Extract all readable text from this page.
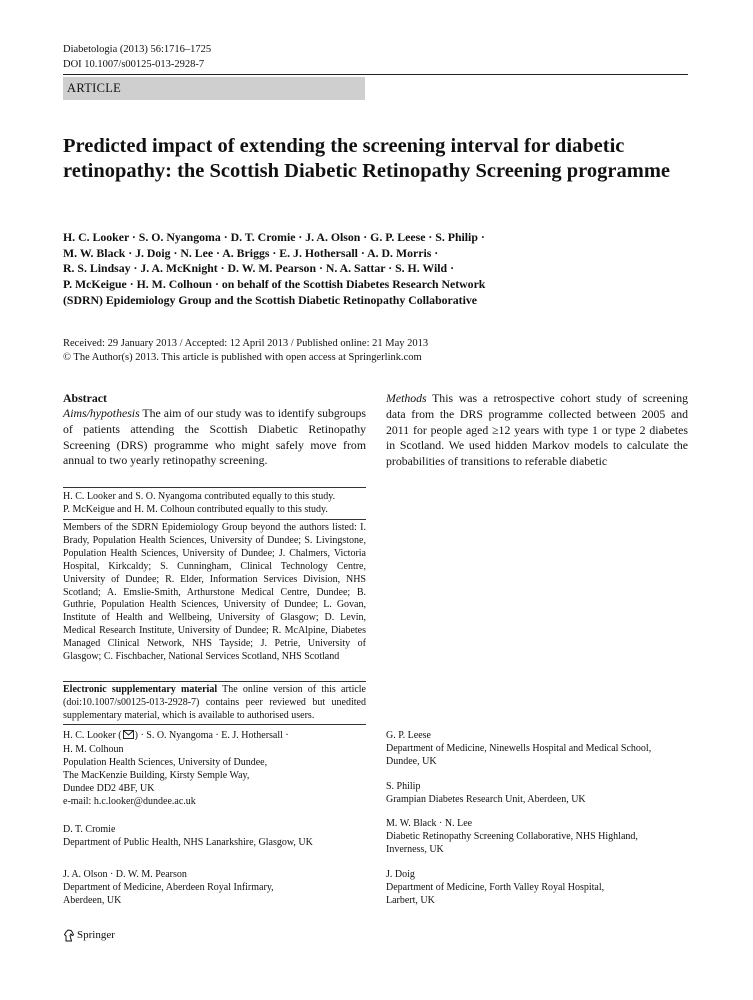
Diabetologia (2013) 56:1716–1725
DOI 10.1007/s00125-013-2928-7
ARTICLE
Predicted impact of extending the screening interval for diabetic retinopathy: the Scottish Diabetic Retinopathy Screening programme
H. C. Looker · S. O. Nyangoma · D. T. Cromie · J. A. Olson · G. P. Leese · S. Philip ·
M. W. Black · J. Doig · N. Lee · A. Briggs · E. J. Hothersall · A. D. Morris ·
R. S. Lindsay · J. A. McKnight · D. W. M. Pearson · N. A. Sattar · S. H. Wild ·
P. McKeigue · H. M. Colhoun · on behalf of the Scottish Diabetes Research Network
(SDRN) Epidemiology Group and the Scottish Diabetic Retinopathy Collaborative
Received: 29 January 2013 / Accepted: 12 April 2013 / Published online: 21 May 2013
© The Author(s) 2013. This article is published with open access at Springerlink.com
Abstract
Aims/hypothesis The aim of our study was to identify subgroups of patients attending the Scottish Diabetic Retinopathy Screening (DRS) programme who might safely move from annual to two yearly retinopathy screening.
Methods This was a retrospective cohort study of screening data from the DRS programme collected between 2005 and 2011 for people aged ≥12 years with type 1 or type 2 diabetes in Scotland. We used hidden Markov models to calculate the probabilities of transitions to referable diabetic
H. C. Looker and S. O. Nyangoma contributed equally to this study.
P. McKeigue and H. M. Colhoun contributed equally to this study.
Members of the SDRN Epidemiology Group beyond the authors listed: I. Brady, Population Health Sciences, University of Dundee; S. Livingstone, Population Health Sciences, University of Dundee; J. Chalmers, Victoria Hospital, Kirkcaldy; S. Cunningham, Clinical Technology Centre, University of Dundee; R. Elder, Information Services Division, NHS Scotland; A. Emslie-Smith, Arthurstone Medical Centre, Dundee; B. Guthrie, Population Health Sciences, University of Dundee; L. Govan, Institute of Health and Wellbeing, University of Glasgow; D. Levin, Medical Research Institute, University of Dundee; R. McAlpine, Diabetes Managed Clinical Network, NHS Tayside; J. Petrie, University of Glasgow; C. Fischbacher, National Services Scotland, NHS Scotland
Electronic supplementary material The online version of this article (doi:10.1007/s00125-013-2928-7) contains peer reviewed but unedited supplementary material, which is available to authorised users.
H. C. Looker ( ) · S. O. Nyangoma · E. J. Hothersall ·
H. M. Colhoun
Population Health Sciences, University of Dundee,
The MacKenzie Building, Kirsty Semple Way,
Dundee DD2 4BF, UK
e-mail: h.c.looker@dundee.ac.uk
D. T. Cromie
Department of Public Health, NHS Lanarkshire, Glasgow, UK
J. A. Olson · D. W. M. Pearson
Department of Medicine, Aberdeen Royal Infirmary,
Aberdeen, UK
G. P. Leese
Department of Medicine, Ninewells Hospital and Medical School,
Dundee, UK
S. Philip
Grampian Diabetes Research Unit, Aberdeen, UK
M. W. Black · N. Lee
Diabetic Retinopathy Screening Collaborative, NHS Highland,
Inverness, UK
J. Doig
Department of Medicine, Forth Valley Royal Hospital,
Larbert, UK
Springer
